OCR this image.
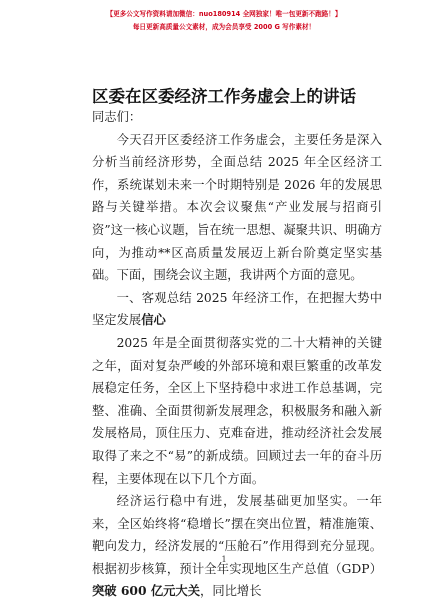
【更多公文写作资料请加微信：nuo180914 全网独家！唯一包更新不跑路！】
每日更新高质量公文素材，成为会员享受 2000 G 写作素材！
区委在区委经济工作务虚会上的讲话

同志们：

今天召开区委经济工作务虚会，主要任务是深入分析当前经济形势，全面总结 2025 年全区经济工作，系统谋划未来一个时期特别是 2026 年的发展思路与关键举措。本次会议聚焦“产业发展与招商引资”这一核心议题，旨在统一思想、凝聚共识、明确方向，为推动**区高质量发展迈上新台阶奠定坚实基础。下面，围绕会议主题，我讲两个方面的意见。

一、客观总结 2025 年经济工作，在把握大势中坚定发展信心

2025 年是全面贯彻落实党的二十大精神的关键之年，面对复杂严峻的外部环境和艰巨繁重的改革发展稳定任务，全区上下坚持稳中求进工作总基调，完整、准确、全面贯彻新发展理念，积极服务和融入新发展格局，顶住压力、克难奋进，推动经济社会发展取得了来之不“易”的新成绩。回顾过去一年的奋斗历程，主要体现在以下几个方面。

经济运行稳中有进，发展基础更加坚实。一年来，全区始终将“稳增长”摆在突出位置，精准施策、靶向发力，经济发展的“压舱石”作用得到充分显现。根据初步核算，预计全年实现地区生产总值（GDP）突破 600 亿元大关，同比增长

1
